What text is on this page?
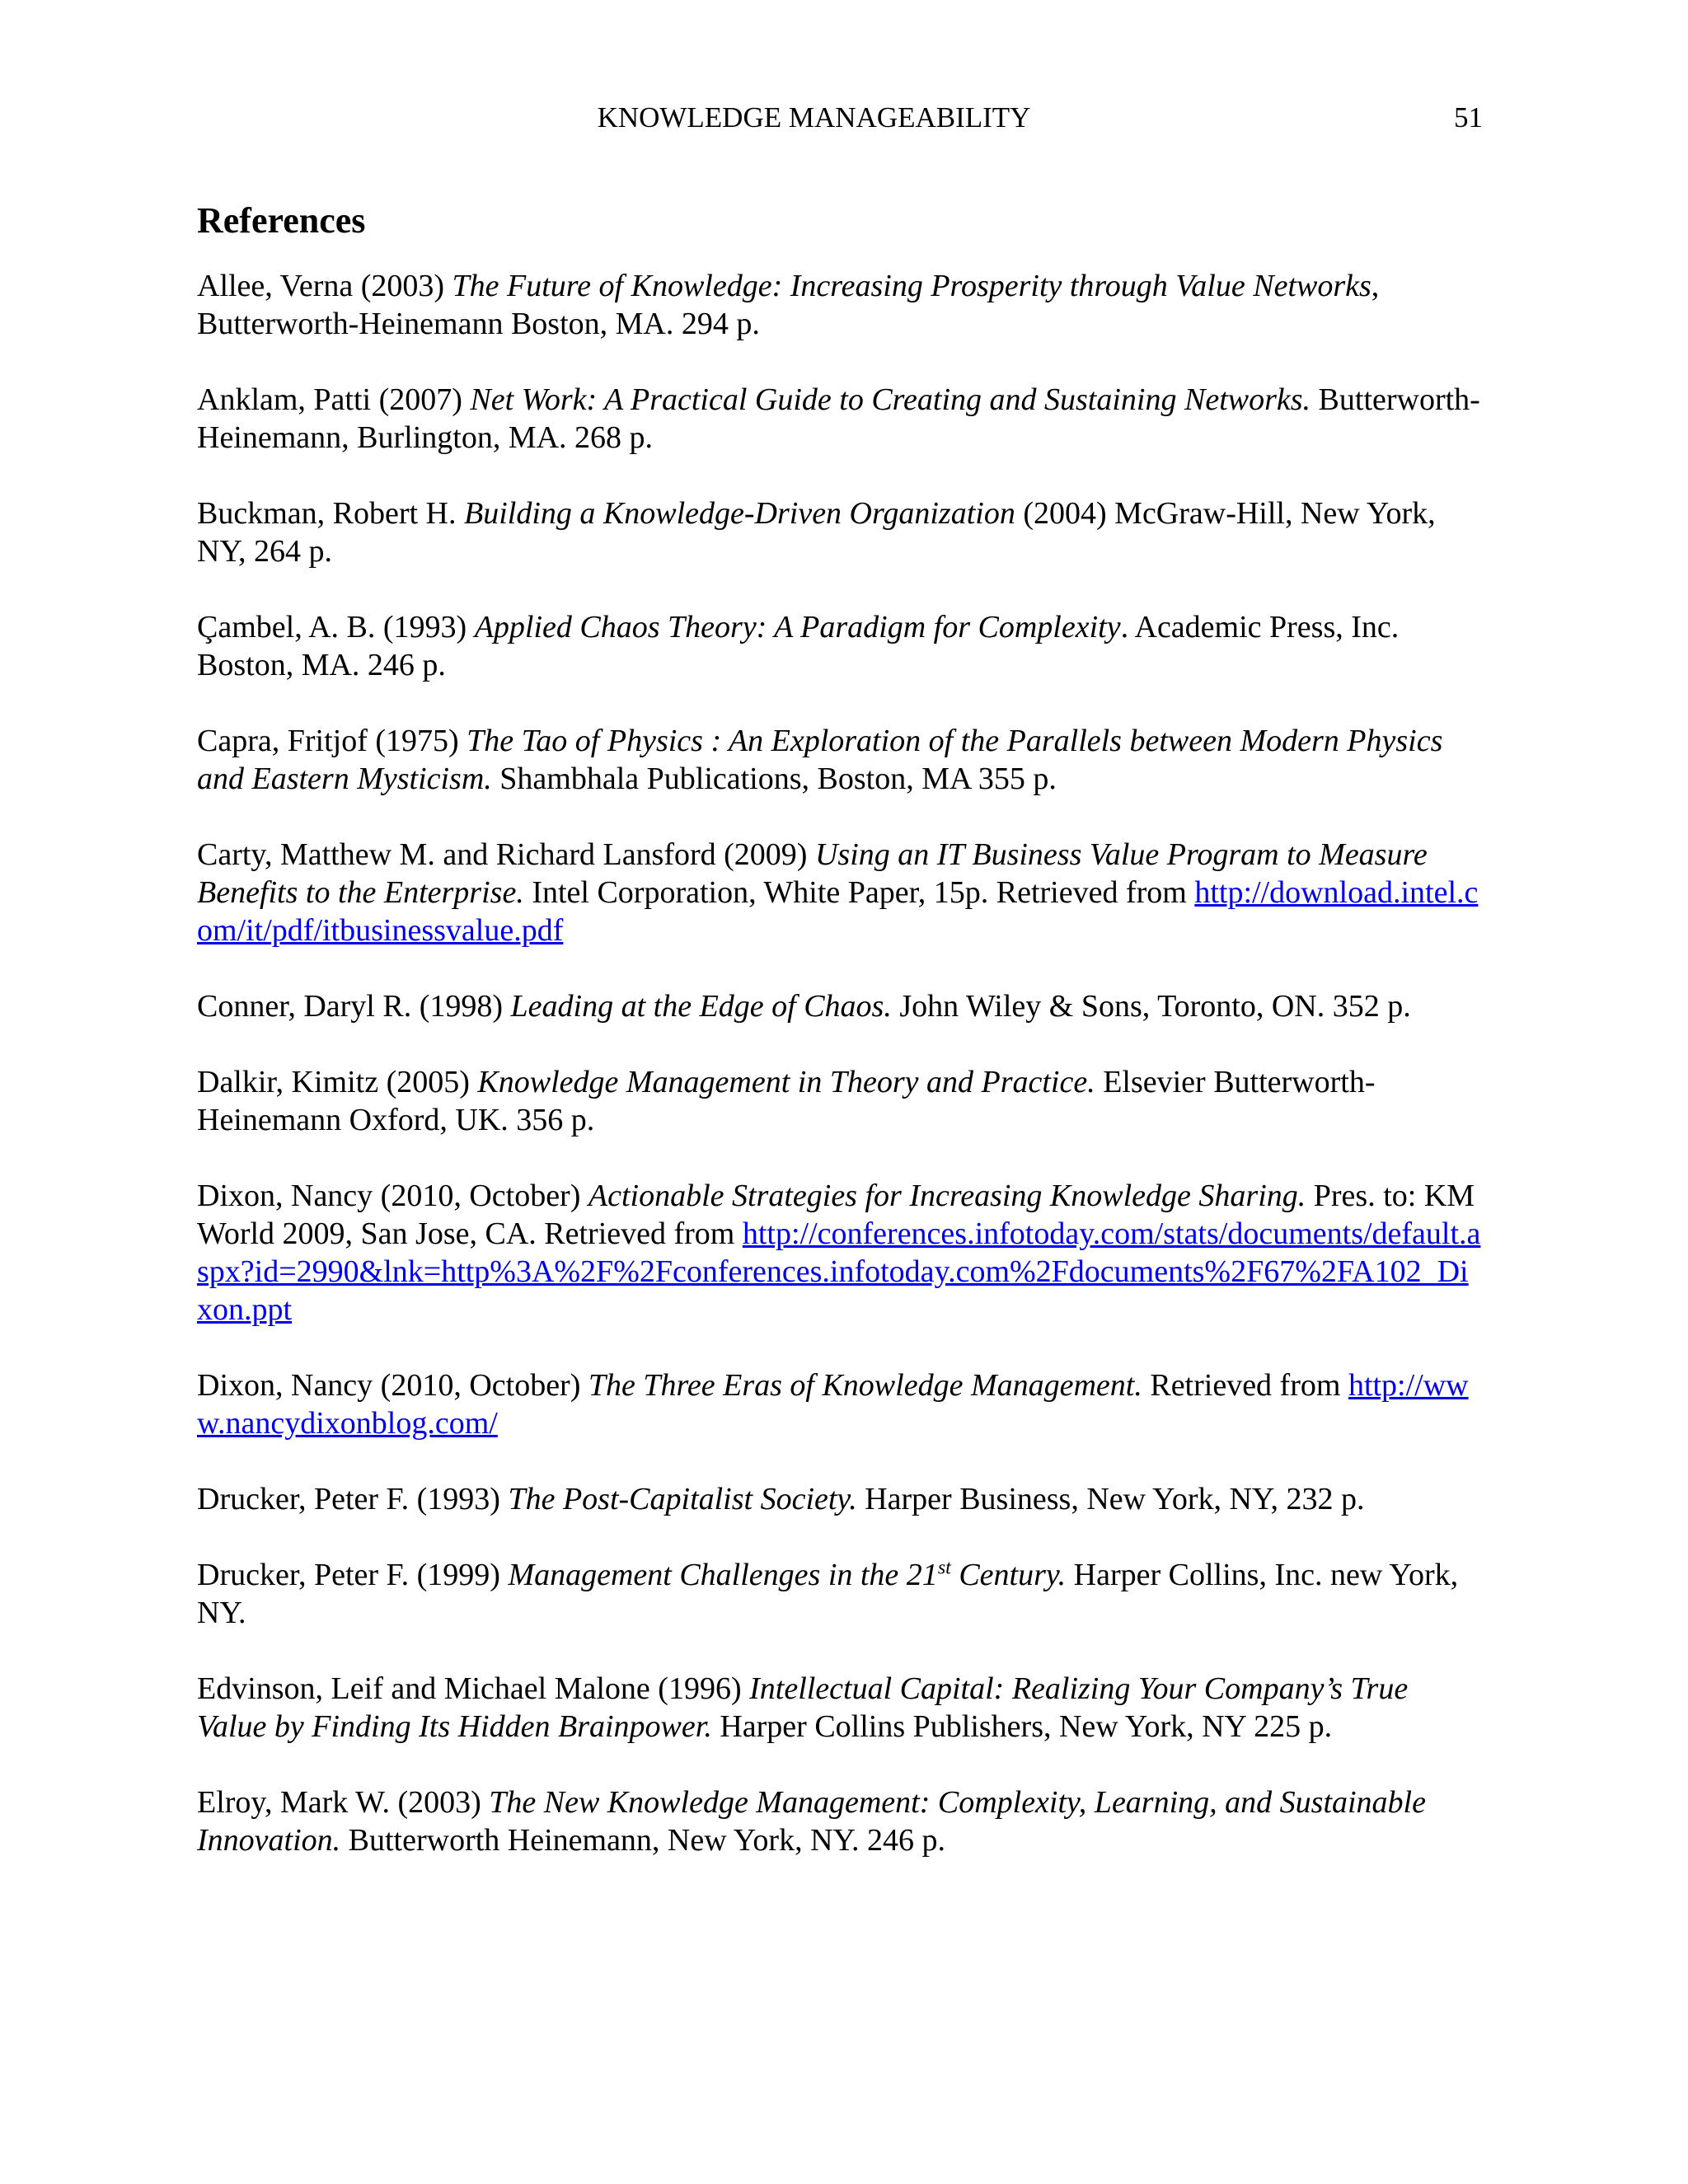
KNOWLEDGE MANAGEABILITY	51
References

Allee, Verna (2003) The Future of Knowledge: Increasing Prosperity through Value Networks, Butterworth-Heinemann Boston, MA. 294 p.

Anklam, Patti (2007) Net Work: A Practical Guide to Creating and Sustaining Networks. Butterworth-Heinemann, Burlington, MA. 268 p.

Buckman, Robert H. Building a Knowledge-Driven Organization (2004) McGraw-Hill, New York, NY, 264 p.

Çambel, A. B. (1993) Applied Chaos Theory: A Paradigm for Complexity. Academic Press, Inc. Boston, MA. 246 p.

Capra, Fritjof (1975) The Tao of Physics : An Exploration of the Parallels between Modern Physics and Eastern Mysticism. Shambhala Publications, Boston, MA 355 p.

Carty, Matthew M. and Richard Lansford (2009) Using an IT Business Value Program to Measure Benefits to the Enterprise. Intel Corporation, White Paper, 15p. Retrieved from http://download.intel.com/it/pdf/itbusinessvalue.pdf

Conner, Daryl R. (1998) Leading at the Edge of Chaos. John Wiley & Sons, Toronto, ON. 352 p.

Dalkir, Kimitz (2005) Knowledge Management in Theory and Practice. Elsevier Butterworth-Heinemann Oxford, UK. 356 p.

Dixon, Nancy (2010, October) Actionable Strategies for Increasing Knowledge Sharing. Pres. to: KM World 2009, San Jose, CA. Retrieved from http://conferences.infotoday.com/stats/documents/default.aspx?id=2990&lnk=http%3A%2F%2Fconferences.infotoday.com%2Fdocuments%2F67%2FA102_Dixon.ppt

Dixon, Nancy (2010, October) The Three Eras of Knowledge Management. Retrieved from http://www.nancydixonblog.com/

Drucker, Peter F. (1993) The Post-Capitalist Society. Harper Business, New York, NY, 232 p.

Drucker, Peter F. (1999) Management Challenges in the 21st Century. Harper Collins, Inc. new York, NY.

Edvinson, Leif and Michael Malone (1996) Intellectual Capital: Realizing Your Company’s True Value by Finding Its Hidden Brainpower. Harper Collins Publishers, New York, NY 225 p.

Elroy, Mark W. (2003) The New Knowledge Management: Complexity, Learning, and Sustainable Innovation. Butterworth Heinemann, New York, NY. 246 p.
